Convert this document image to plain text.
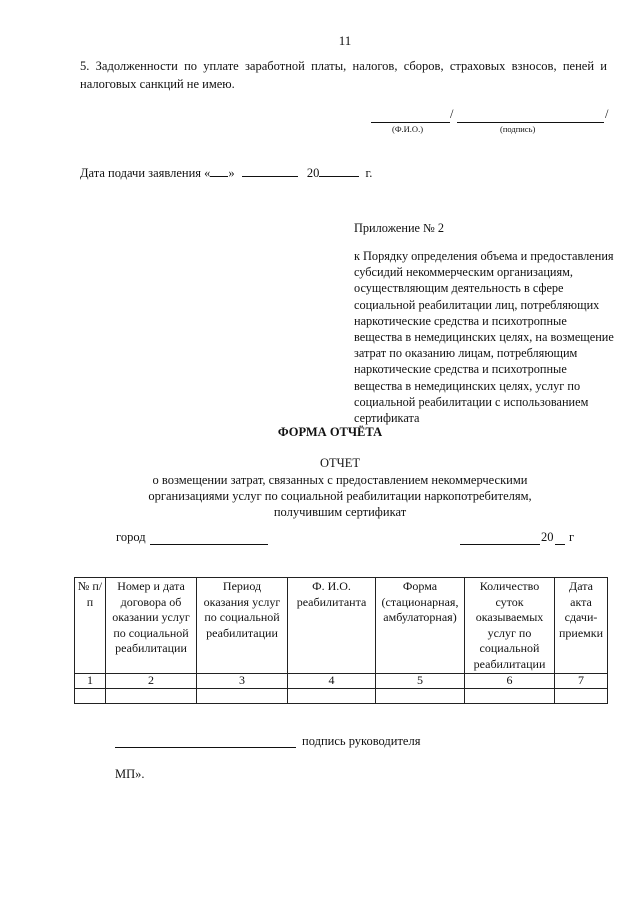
11
5. Задолженности по уплате заработной платы, налогов, сборов, страховых взносов, пеней и налоговых санкций не имею.
/	/
(Ф.И.О.)	(подпись)
Дата подачи заявления « »	20	г.
Приложение № 2
к Порядку определения объема и предоставления субсидий некоммерческим организациям, осуществляющим деятельность в сфере социальной реабилитации лиц, потребляющих наркотические средства и психотропные вещества в немедицинских целях, на возмещение затрат по оказанию лицам, потребляющим наркотические средства и психотропные вещества в немедицинских целях, услуг по социальной реабилитации с использованием сертификата
ФОРМА ОТЧЁТА
ОТЧЕТ
о возмещении затрат, связанных с предоставлением некоммерческими
организациями услуг по социальной реабилитации наркопотребителям,
получившим сертификат
город	20 г
№ п/п	Номер и дата договора об оказании услуг по социальной реабилитации	Период оказания услуг по социальной реабилитации	Ф. И.О. реабилитанта	Форма (стационарная, амбулаторная)	Количество суток оказываемых услуг по социальной реабилитации	Дата акта сдачи-приемки
1	2	3	4	5	6	7

подпись руководителя
МП».
